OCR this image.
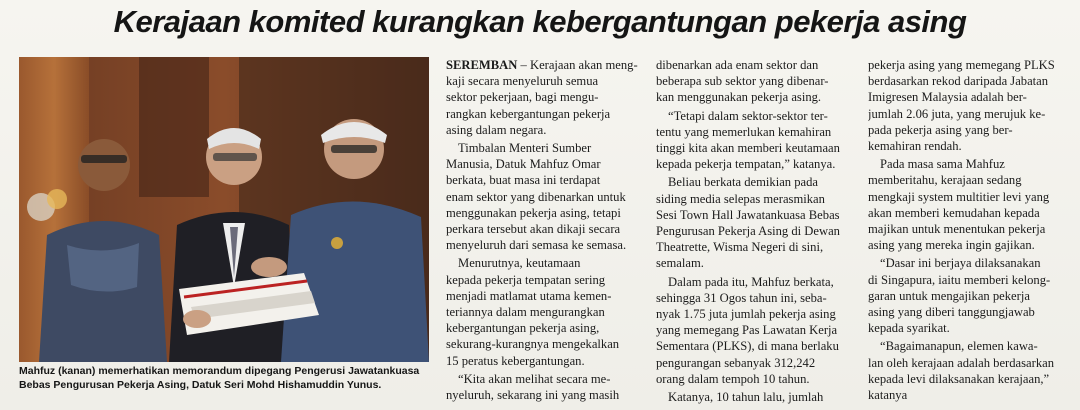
Kerajaan komited kurangkan kebergantungan pekerja asing
Mahfuz (kanan) memerhatikan memorandum dipegang Pengerusi Jawatankuasa
Bebas Pengurusan Pekerja Asing, Datuk Seri Mohd Hishamuddin Yunus.

SEREMBAN – Kerajaan akan meng-
kaji secara menyeluruh semua
sektor pekerjaan, bagi mengu-
rangkan kebergantungan pekerja
asing dalam negara.

Timbalan Menteri Sumber
Manusia, Datuk Mahfuz Omar
berkata, buat masa ini terdapat
enam sektor yang dibenarkan untuk
menggunakan pekerja asing, tetapi
perkara tersebut akan dikaji secara
menyeluruh dari semasa ke semasa.

Menurutnya, keutamaan
kepada pekerja tempatan sering
menjadi matlamat utama kemen-
teriannya dalam mengurangkan
kebergantungan pekerja asing,
sekurang-kurangnya mengekalkan
15 peratus kebergantungan.

“Kita akan melihat secara me-
nyeluruh, sekarang ini yang masih

dibenarkan ada enam sektor dan
beberapa sub sektor yang dibenar-
kan menggunakan pekerja asing.

“Tetapi dalam sektor-sektor ter-
tentu yang memerlukan kemahiran
tinggi kita akan memberi keutamaan
kepada pekerja tempatan,” katanya.

Beliau berkata demikian pada
siding media selepas merasmikan
Sesi Town Hall Jawatankuasa Bebas
Pengurusan Pekerja Asing di Dewan
Theatrette, Wisma Negeri di sini,
semalam.

Dalam pada itu, Mahfuz berkata,
sehingga 31 Ogos tahun ini, seba-
nyak 1.75 juta jumlah pekerja asing
yang memegang Pas Lawatan Kerja
Sementara (PLKS), di mana berlaku
pengurangan sebanyak 312,242
orang dalam tempoh 10 tahun.

Katanya, 10 tahun lalu, jumlah

pekerja asing yang memegang PLKS
berdasarkan rekod daripada Jabatan
Imigresen Malaysia adalah ber-
jumlah 2.06 juta, yang merujuk ke-
pada pekerja asing yang ber-
kemahiran rendah.

Pada masa sama Mahfuz
memberitahu, kerajaan sedang
mengkaji system multitier levi yang
akan memberi kemudahan kepada
majikan untuk menentukan pekerja
asing yang mereka ingin gajikan.

“Dasar ini berjaya dilaksanakan
di Singapura, iaitu memberi kelong-
garan untuk mengajikan pekerja
asing yang diberi tanggungjawab
kepada syarikat.

“Bagaimanapun, elemen kawa-
lan oleh kerajaan adalah berdasarkan
kepada levi dilaksanakan kerajaan,”
katanya
